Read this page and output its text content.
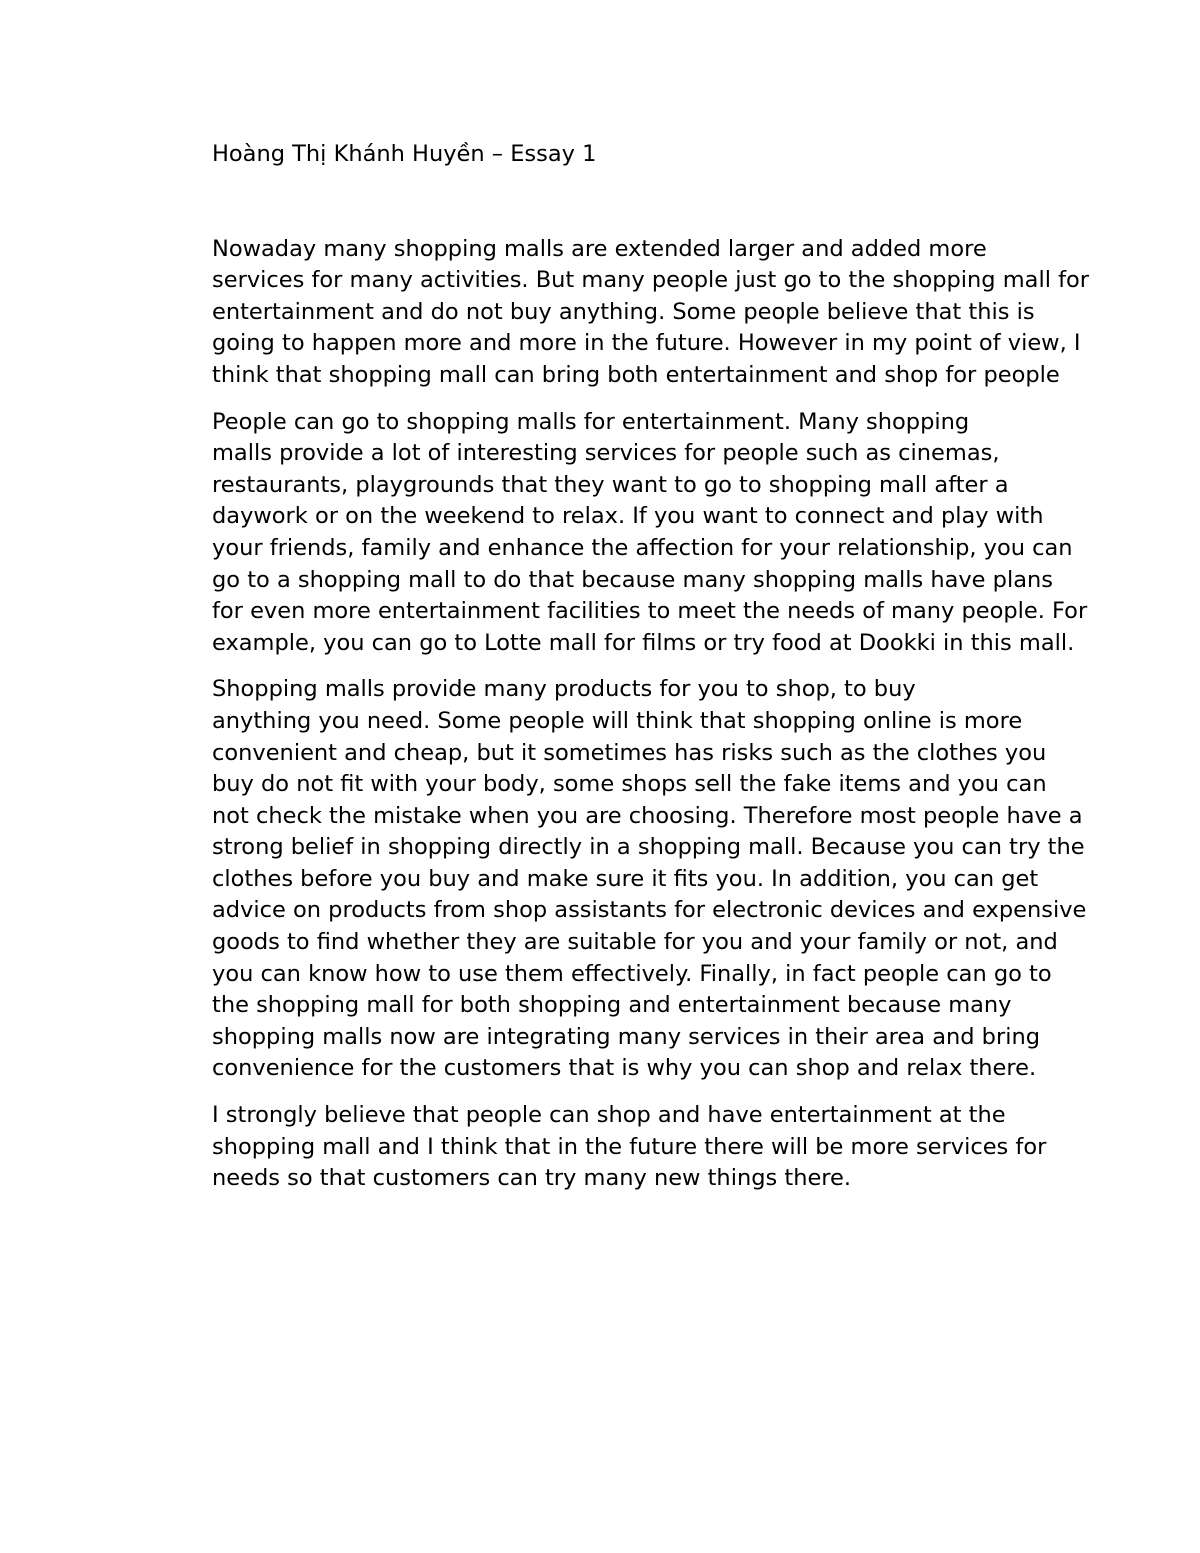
Hoàng Thị Khánh Huyền – Essay 1

Nowaday many shopping malls are extended larger and added more
services for many activities. But many people just go to the shopping mall for
entertainment and do not buy anything. Some people believe that this is
going to happen more and more in the future. However in my point of view, I
think that shopping mall can bring both entertainment and shop for people

People can go to shopping malls for entertainment. Many shopping
malls provide a lot of interesting services for people such as cinemas,
restaurants, playgrounds that they want to go to shopping mall after a
daywork or on the weekend to relax. If you want to connect and play with
your friends, family and enhance the affection for your relationship, you can
go to a shopping mall to do that because many shopping malls have plans
for even more entertainment facilities to meet the needs of many people. For
example, you can go to Lotte mall for films or try food at Dookki in this mall.

Shopping malls provide many products for you to shop, to buy
anything you need. Some people will think that shopping online is more
convenient and cheap, but it sometimes has risks such as the clothes you
buy do not fit with your body, some shops sell the fake items and you can
not check the mistake when you are choosing. Therefore most people have a
strong belief in shopping directly in a shopping mall. Because you can try the
clothes before you buy and make sure it fits you. In addition, you can get
advice on products from shop assistants for electronic devices and expensive
goods to find whether they are suitable for you and your family or not, and
you can know how to use them effectively. Finally, in fact people can go to
the shopping mall for both shopping and entertainment because many
shopping malls now are integrating many services in their area and bring
convenience for the customers that is why you can shop and relax there.

I strongly believe that people can shop and have entertainment at the
shopping mall and I think that in the future there will be more services for
needs so that customers can try many new things there.
